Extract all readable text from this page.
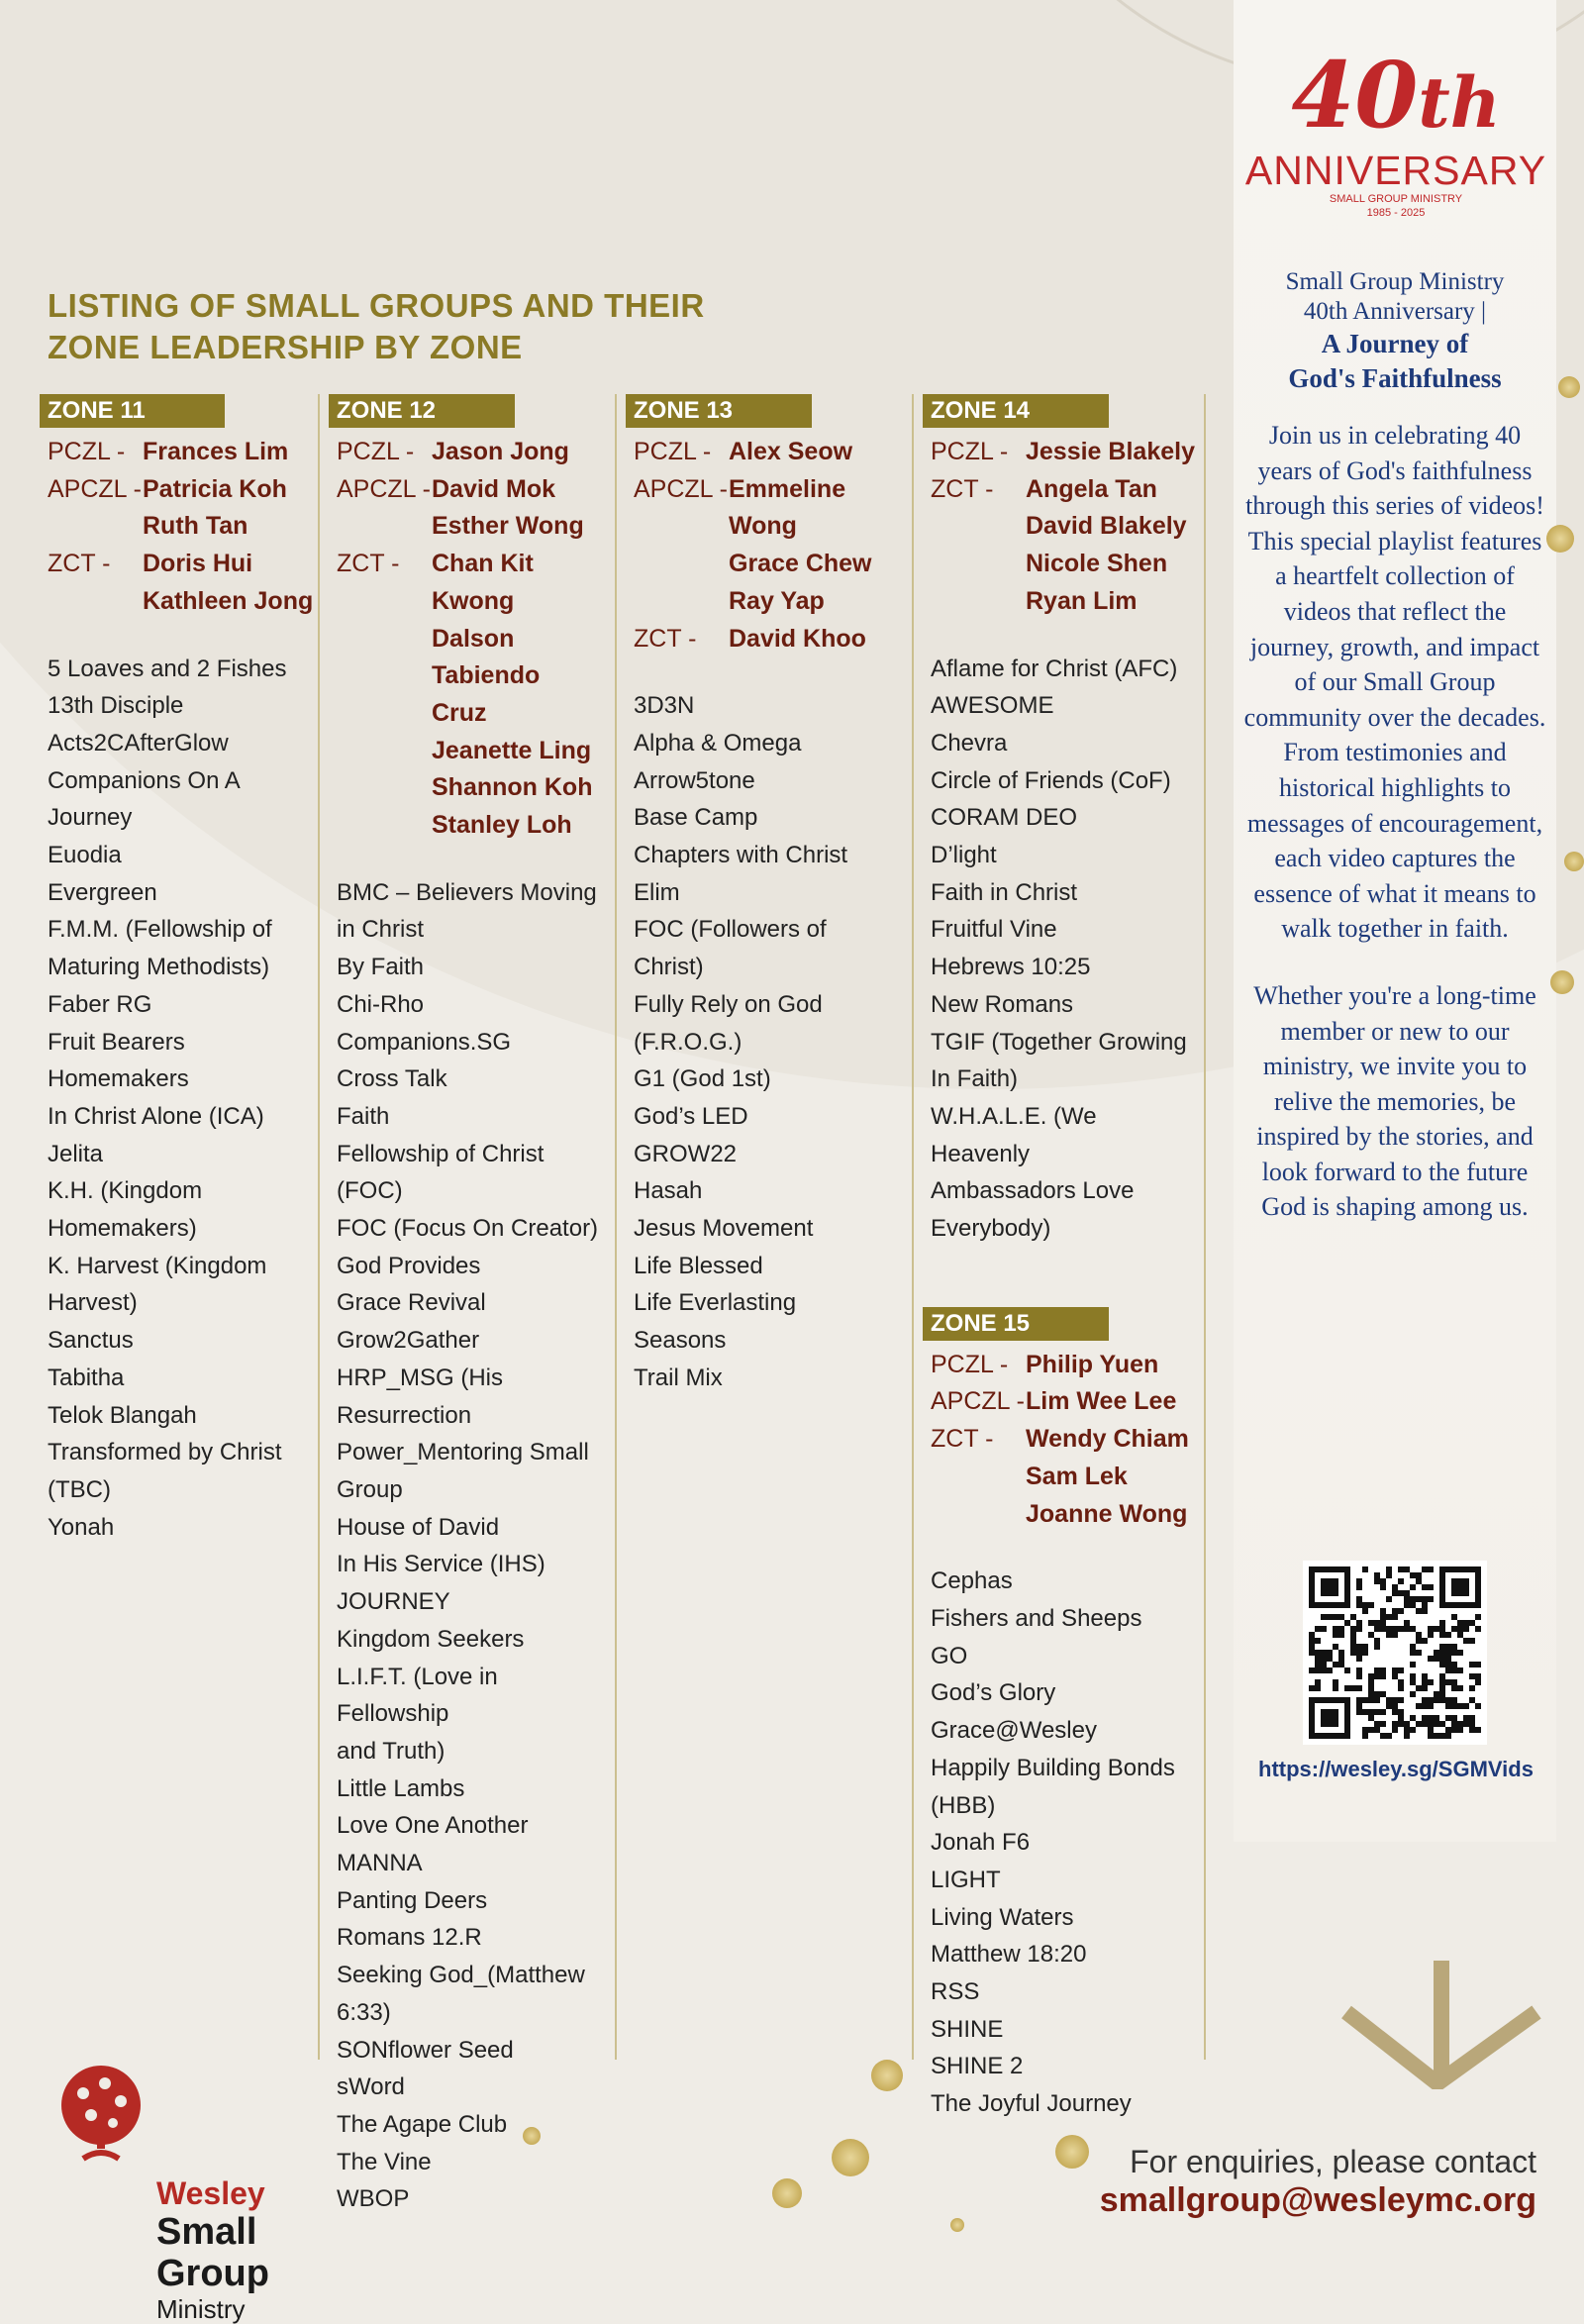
LISTING OF SMALL GROUPS AND THEIR
ZONE LEADERSHIP BY ZONE
ZONE 11
PCZL - Frances Lim
APCZL - Patricia Koh
Ruth Tan
ZCT -	Doris Hui
Kathleen Jong
5 Loaves and 2 Fishes
13th Disciple
Acts2CAfterGlow
Companions On A Journey
Euodia
Evergreen
F.M.M. (Fellowship of
Maturing Methodists)
Faber RG
Fruit Bearers
Homemakers
In Christ Alone (ICA)
Jelita
K.H. (Kingdom
Homemakers)
K. Harvest (Kingdom
Harvest)
Sanctus
Tabitha
Telok Blangah
Transformed by Christ
(TBC)
Yonah
ZONE 12
PCZL - Jason Jong
APCZL - David Mok
Esther Wong
ZCT -	Chan Kit Kwong
Dalson Tabiendo
Cruz
Jeanette Ling
Shannon Koh
Stanley Loh
BMC – Believers Moving
in Christ
By Faith
Chi-Rho
Companions.SG
Cross Talk
Faith
Fellowship of Christ (FOC)
FOC (Focus On Creator)
God Provides
Grace Revival
Grow2Gather
HRP_MSG (His Resurrection
Power_Mentoring Small
Group
House of David
In His Service (IHS)
JOURNEY
Kingdom Seekers
L.I.F.T. (Love in Fellowship
and Truth)
Little Lambs
Love One Another
MANNA
Panting Deers
Romans 12.R
Seeking God_(Matthew
6:33)
SONflower Seed
sWord
The Agape Club
The Vine
WBOP
ZONE 13
PCZL - Alex Seow
APCZL - Emmeline Wong
Grace Chew
Ray Yap
ZCT -	David Khoo
3D3N
Alpha & Omega
Arrow5tone
Base Camp
Chapters with Christ
Elim
FOC (Followers of Christ)
Fully Rely on God (F.R.O.G.)
G1 (God 1st)
God’s LED
GROW22
Hasah
Jesus Movement
Life Blessed
Life Everlasting
Seasons
Trail Mix
ZONE 14
PCZL - Jessie Blakely
ZCT -	Angela Tan
David Blakely
Nicole Shen
Ryan Lim
Aflame for Christ (AFC)
AWESOME
Chevra
Circle of Friends (CoF)
CORAM DEO
D’light
Faith in Christ
Fruitful Vine
Hebrews 10:25
New Romans
TGIF (Together Growing
In Faith)
W.H.A.L.E. (We Heavenly
Ambassadors Love
Everybody)
ZONE 15
PCZL - Philip Yuen
APCZL - Lim Wee Lee
ZCT -	Wendy Chiam
Sam Lek
Joanne Wong
Cephas
Fishers and Sheeps
GO
God’s Glory
Grace@Wesley
Happily Building Bonds
(HBB)
Jonah F6
LIGHT
Living Waters
Matthew 18:20
RSS
SHINE
SHINE 2
The Joyful Journey
40th
ANNIVERSARY
SMALL GROUP MINISTRY
1985 - 2025
Small Group Ministry
40th Anniversary |
A Journey of
God's Faithfulness
Join us in celebrating 40 years of God's faithfulness through this series of videos! This special playlist features a heartfelt collection of videos that reflect the journey, growth, and impact of our Small Group community over the decades. From testimonies and historical highlights to messages of encouragement, each video captures the essence of what it means to walk together in faith.
Whether you're a long-time member or new to our ministry, we invite you to relive the memories, be inspired by the stories, and look forward to the future God is shaping among us.
https://wesley.sg/SGMVids
Wesley
Small Group
Ministry
For enquiries, please contact
smallgroup@wesleymc.org
